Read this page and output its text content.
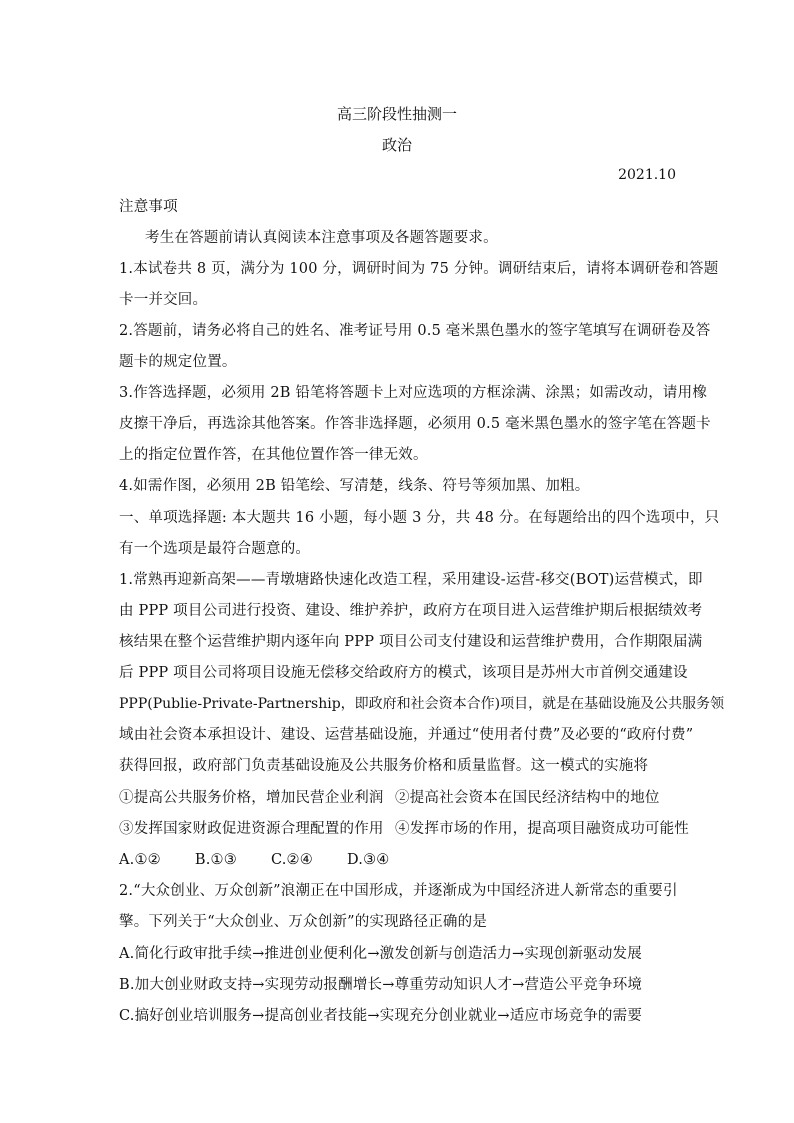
高三阶段性抽测一
政治
2021.10
注意事项
考生在答题前请认真阅读本注意事项及各题答题要求。
1.本试卷共 8 页，满分为 100 分，调研时间为 75 分钟。调研结束后，请将本调研卷和答题
卡一并交回。
2.答题前，请务必将自己的姓名、准考证号用 0.5 毫米黑色墨水的签字笔填写在调研卷及答
题卡的规定位置。
3.作答选择题，必须用 2B 铅笔将答题卡上对应选项的方框涂满、涂黑；如需改动，请用橡
皮擦干净后，再选涂其他答案。作答非选择题，必须用 0.5 毫米黑色墨水的签字笔在答题卡
上的指定位置作答，在其他位置作答一律无效。
4.如需作图，必须用 2B 铅笔绘、写清楚，线条、符号等须加黑、加粗。
一、单项选择题: 本大题共 16 小题，每小题 3 分，共 48 分。在每题给出的四个选项中，只
有一个选项是最符合题意的。
1.常熟再迎新高架——青墩塘路快速化改造工程，采用建设-运营-移交(BOT)运营模式，即
由 PPP 项目公司进行投资、建设、维护养护，政府方在项目进入运营维护期后根据绩效考
核结果在整个运营维护期内逐年向 PPP 项目公司支付建设和运营维护费用，合作期限届满
后 PPP 项目公司将项目设施无偿移交给政府方的模式，该项目是苏州大市首例交通建设
PPP(Publie-Private-Partnership，即政府和社会资本合作)项目，就是在基础设施及公共服务领
域由社会资本承担设计、建设、运营基础设施，并通过“使用者付费”及必要的“政府付费”
获得回报，政府部门负责基础设施及公共服务价格和质量监督。这一模式的实施将
①提高公共服务价格，增加民营企业利润 ②提高社会资本在国民经济结构中的地位
③发挥国家财政促进资源合理配置的作用 ④发挥市场的作用，提高项目融资成功可能性
A.①② B.①③ C.②④ D.③④
2.“大众创业、万众创新”浪潮正在中国形成，并逐渐成为中国经济进人新常态的重要引
擎。下列关于“大众创业、万众创新”的实现路径正确的是
A.简化行政审批手续→推进创业便利化→激发创新与创造活力→实现创新驱动发展
B.加大创业财政支持→实现劳动报酬增长→尊重劳动知识人才→营造公平竞争环境
C.搞好创业培训服务→提高创业者技能→实现充分创业就业→适应市场竞争的需要
